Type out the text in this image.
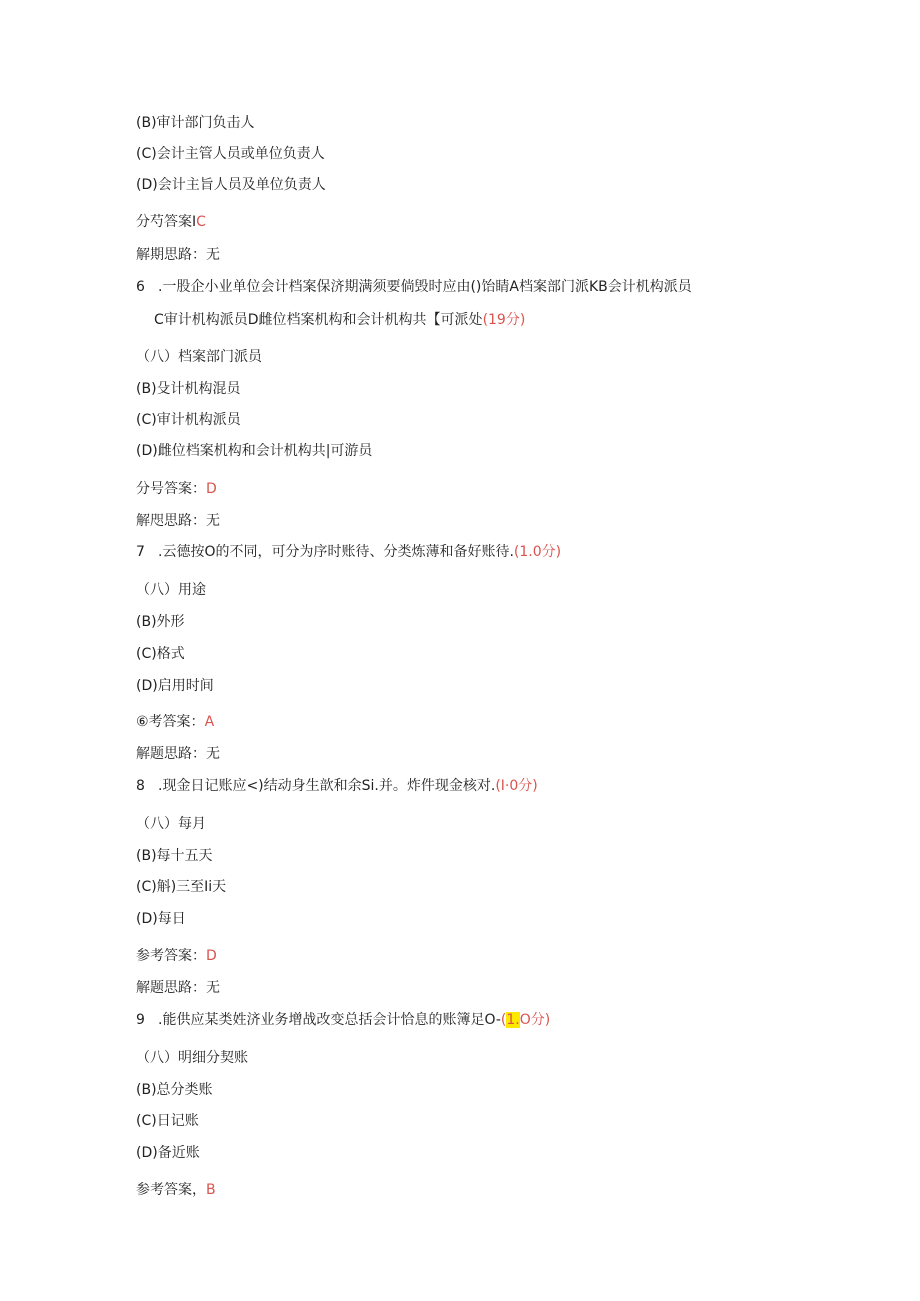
(B)审计部门负击人
(C)会计主管人员或单位负责人
(D)会计主旨人员及单位负责人
分芍答案IC
解期思路：无
6 .一股企小业单位会计档案保济期满须要倘毁时应由()饴睛A档案部门派KB会计机构派员
C审计机构派员D雌位档案机构和会计机构共【可派处(19分)
（八）档案部门派员
(B)殳计机构混员
(C)审计机构派员
(D)雌位档案机构和会计机构共|可游员
分号答案：D
解咫思路：无
7 .云德按O的不同，可分为序时账待、分类炼薄和备好账待.(1.0分)
（八）用途
(B)外形
(C)格式
(D)启用时间
⑥考答案：A
解题思路：无
8 .现金日记账应<)结动身生歆和余Si.并。炸件现金核对.(I·0分)
（八）每月
(B)每十五天
(C)斛)三至Ii天
(D)每日
参考答案：D
解题思路：无
9 .能供应某类姓济业务增战改变总括会计恰息的账簿足O-(1.O分)
（八）明细分契账
(B)总分类账
(C)日记账
(D)备近账
参考答案，B
